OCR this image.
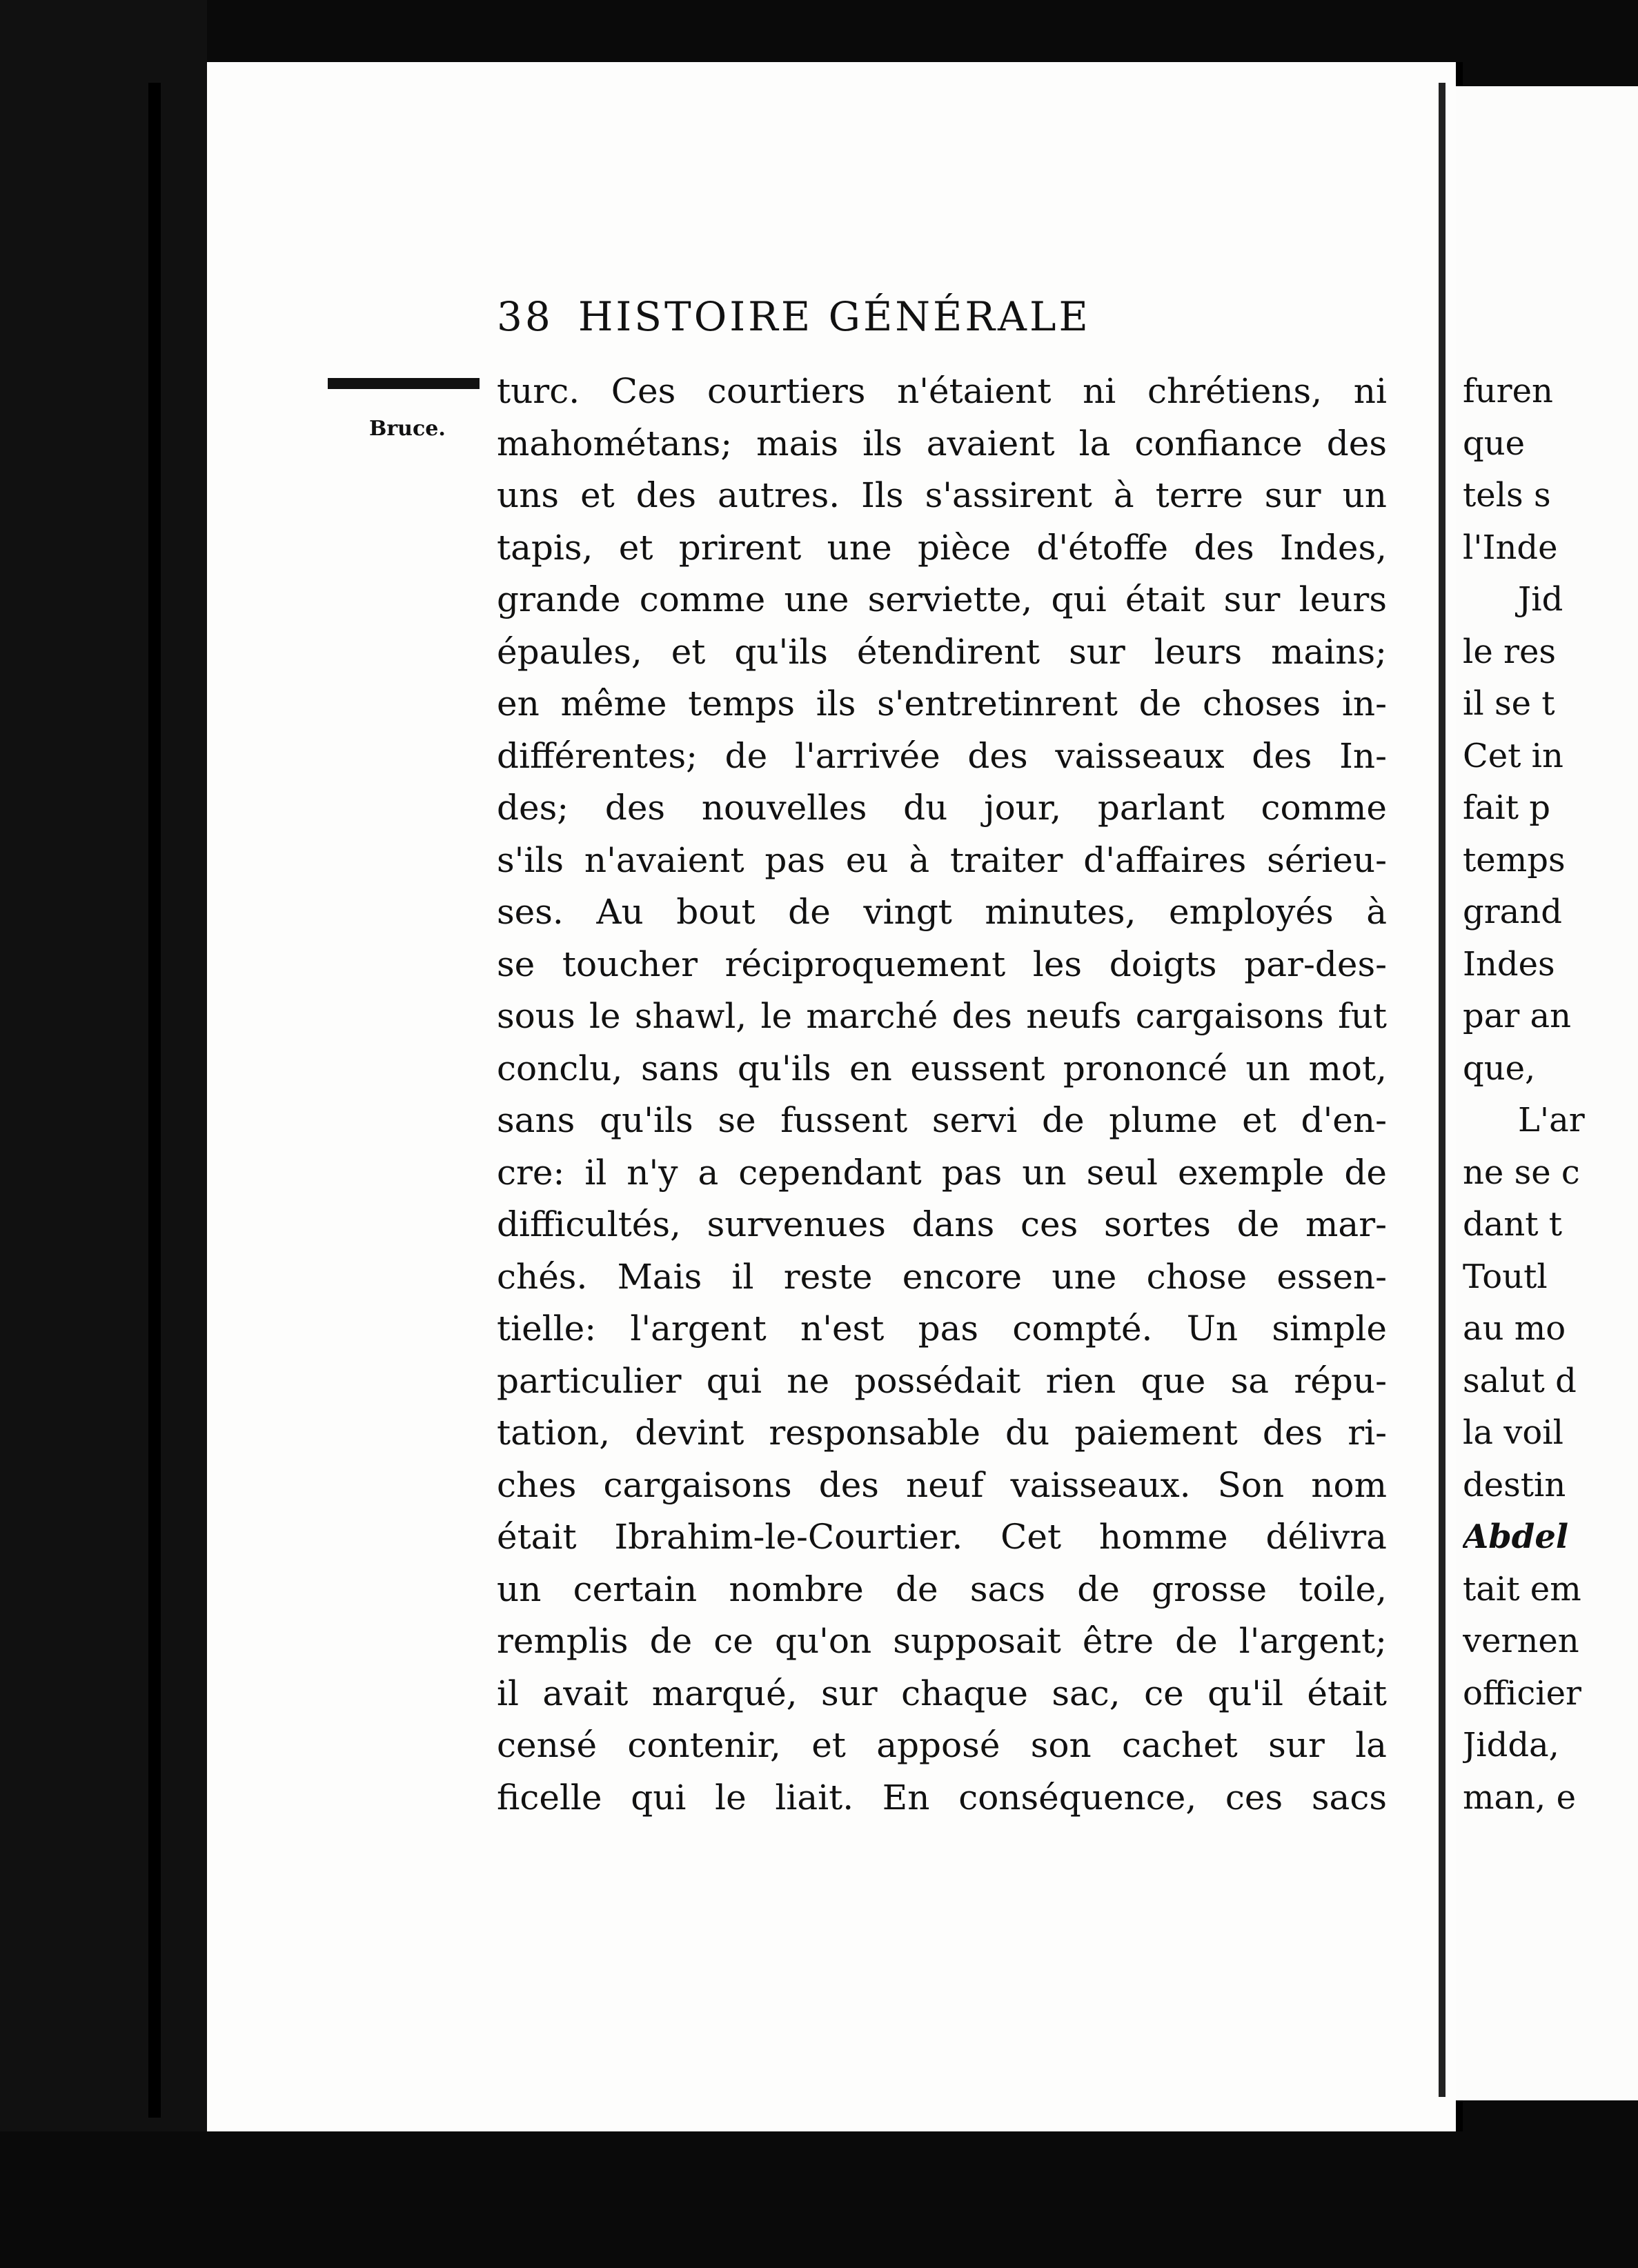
38 HISTOIRE GÉNÉRALE
Bruce.
turc. Ces courtiers n'étaient ni chrétiens, ni
mahométans; mais ils avaient la confiance des
uns et des autres. Ils s'assirent à terre sur un
tapis, et prirent une pièce d'étoffe des Indes,
grande comme une serviette, qui était sur leurs
épaules, et qu'ils étendirent sur leurs mains;
en même temps ils s'entretinrent de choses in-
différentes; de l'arrivée des vaisseaux des In-
des; des nouvelles du jour, parlant comme
s'ils n'avaient pas eu à traiter d'affaires sérieu-
ses. Au bout de vingt minutes, employés à
se toucher réciproquement les doigts par-des-
sous le shawl, le marché des neufs cargaisons fut
conclu, sans qu'ils en eussent prononcé un mot,
sans qu'ils se fussent servi de plume et d'en-
cre: il n'y a cependant pas un seul exemple de
difficultés, survenues dans ces sortes de mar-
chés. Mais il reste encore une chose essen-
tielle: l'argent n'est pas compté. Un simple
particulier qui ne possédait rien que sa répu-
tation, devint responsable du paiement des ri-
ches cargaisons des neuf vaisseaux. Son nom
était Ibrahim-le-Courtier. Cet homme délivra
un certain nombre de sacs de grosse toile,
remplis de ce qu'on supposait être de l'argent;
il avait marqué, sur chaque sac, ce qu'il était
censé contenir, et apposé son cachet sur la
ficelle qui le liait. En conséquence, ces sacs
furen
que
tels s
l'Inde
Jid
le res
il se t
Cet in
fait p
temps
grand
Indes
par an
que,
L'ar
ne se c
dant t
Toutl
au mo
salut d
la voil
destin
Abdel
tait em
vernen
officier
Jidda,
man, e
